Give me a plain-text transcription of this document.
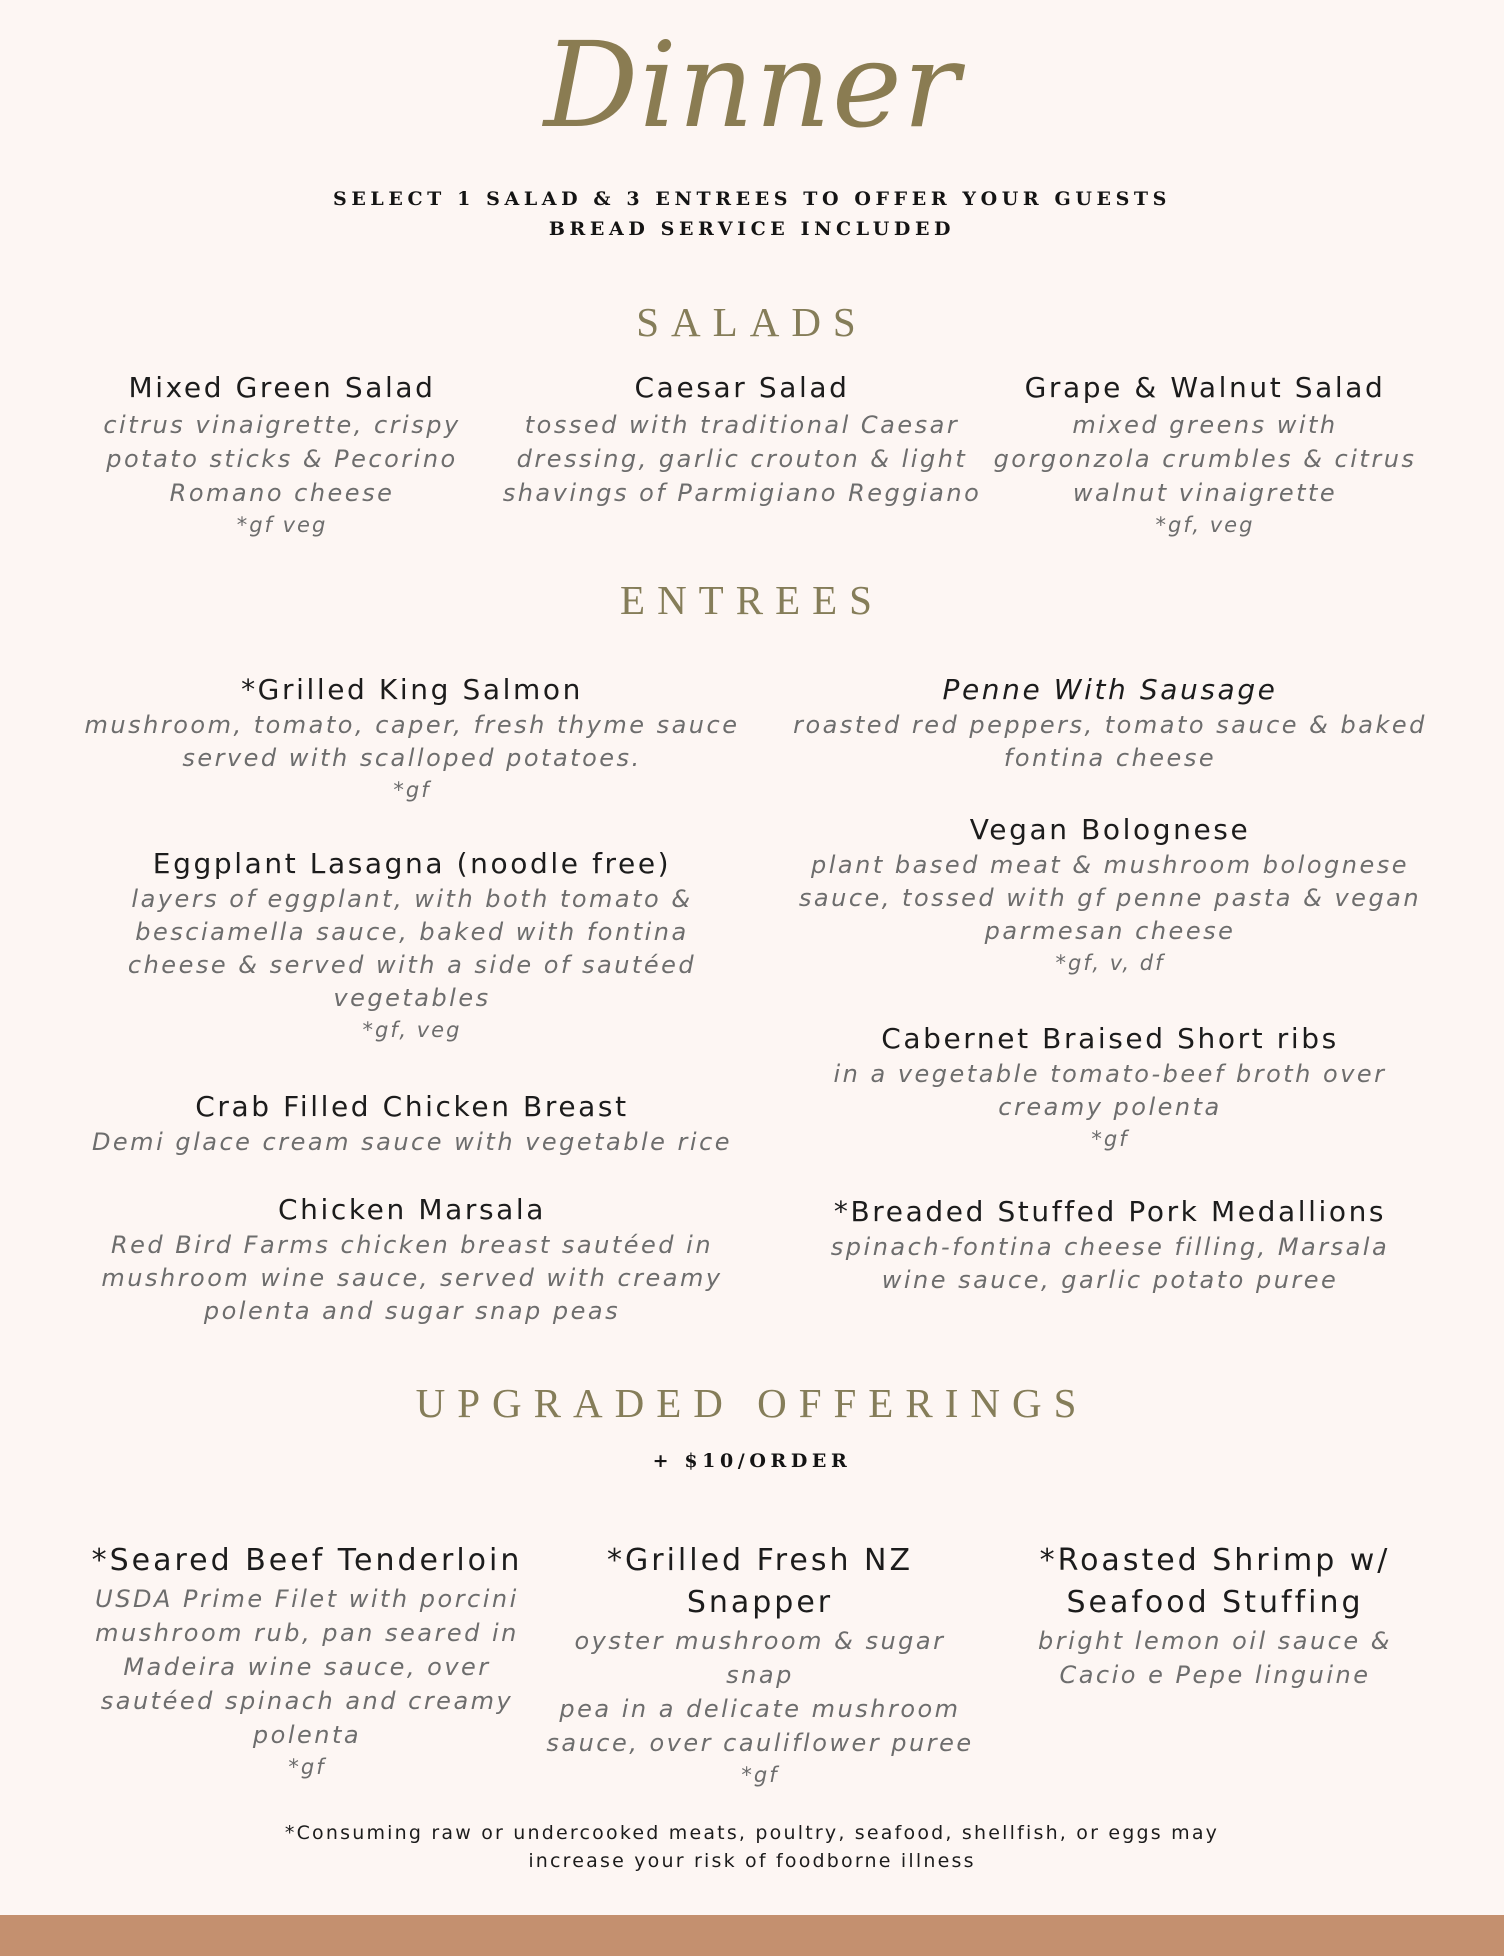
Dinner
SELECT 1 SALAD & 3 ENTREES TO OFFER YOUR GUESTS
BREAD SERVICE INCLUDED
SALADS
Mixed Green Salad
citrus vinaigrette, crispy
potato sticks & Pecorino
Romano cheese
*gf veg
Caesar Salad
tossed with traditional Caesar
dressing, garlic crouton & light
shavings of Parmigiano Reggiano
Grape & Walnut Salad
mixed greens with
gorgonzola crumbles & citrus
walnut vinaigrette
*gf, veg
ENTREES
*Grilled King Salmon
mushroom, tomato, caper, fresh thyme sauce
served with scalloped potatoes.
*gf
Eggplant Lasagna (noodle free)
layers of eggplant, with both tomato &
besciamella sauce, baked with fontina
cheese & served with a side of sautéed
vegetables
*gf, veg
Crab Filled Chicken Breast
Demi glace cream sauce with vegetable rice
Chicken Marsala
Red Bird Farms chicken breast sautéed in
mushroom wine sauce, served with creamy
polenta and sugar snap peas
Penne With Sausage
roasted red peppers, tomato sauce & baked
fontina cheese
Vegan Bolognese
plant based meat & mushroom bolognese
sauce, tossed with gf penne pasta & vegan
parmesan cheese
*gf, v, df
Cabernet Braised Short ribs
in a vegetable tomato-beef broth over
creamy polenta
*gf
*Breaded Stuffed Pork Medallions
spinach-fontina cheese filling, Marsala
wine sauce, garlic potato puree
UPGRADED OFFERINGS
+ $10/ORDER
*Seared Beef Tenderloin
USDA Prime Filet with porcini
mushroom rub, pan seared in
Madeira wine sauce, over
sautéed spinach and creamy
polenta
*gf
*Grilled Fresh NZ
Snapper
oyster mushroom & sugar snap
pea in a delicate mushroom
sauce, over cauliflower puree
*gf
*Roasted Shrimp w/
Seafood Stuffing
bright lemon oil sauce &
Cacio e Pepe linguine
*Consuming raw or undercooked meats, poultry, seafood, shellfish, or eggs may
increase your risk of foodborne illness
